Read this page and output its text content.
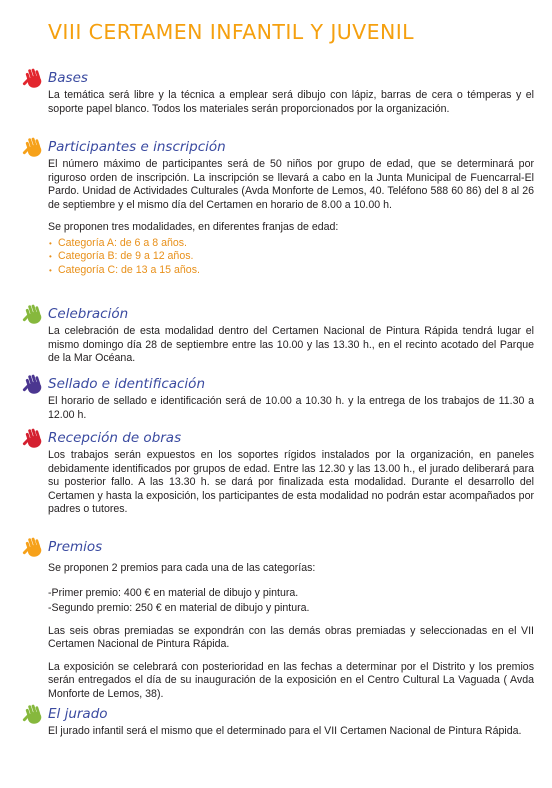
VIII CERTAMEN INFANTIL Y JUVENIL
Bases

La temática será libre y la técnica a emplear será dibujo con lápiz, barras de cera o témperas y el soporte papel blanco. Todos los materiales serán proporcionados por la organización.

Participantes e inscripción

El número máximo de participantes será de 50 niños por grupo de edad, que se determinará por riguroso orden de inscripción. La inscripción se llevará a cabo en la Junta Municipal de Fuencarral-El Pardo. Unidad de Actividades Culturales (Avda Monforte de Lemos, 40. Teléfono 588 60 86) del 8 al 26 de septiembre y el mismo día del Certamen en horario de 8.00 a 10.00 h.

Se proponen tres modalidades, en diferentes franjas de edad:

• Categoría A: de 6 a 8 años.
• Categoría B: de 9 a 12 años.
• Categoría C: de 13 a 15 años.
Celebración

La celebración de esta modalidad dentro del Certamen Nacional de Pintura Rápida tendrá lugar el mismo domingo día 28 de septiembre entre las 10.00 y las 13.30 h., en el recinto acotado del Parque de la Mar Océana.

Sellado e identificación

El horario de sellado e identificación será de 10.00 a 10.30 h. y la entrega de los trabajos de 11.30 a 12.00 h.

Recepción de obras

Los trabajos serán expuestos en los soportes rígidos instalados por la organización, en paneles debidamente identificados por grupos de edad. Entre las 12.30 y las 13.00 h., el jurado deliberará para su posterior fallo. A las 13.30 h. se dará por finalizada esta modalidad. Durante el desarrollo del Certamen y hasta la exposición, los participantes de esta modalidad no podrán estar acompañados por padres o tutores.

Premios

Se proponen 2 premios para cada una de las categorías:

-Primer premio: 400 € en material de dibujo y pintura.

-Segundo premio: 250 € en material de dibujo y pintura.

Las seis obras premiadas se expondrán con las demás obras premiadas y seleccionadas en el VII Certamen Nacional de Pintura Rápida.

La exposición se celebrará con posterioridad en las fechas a determinar por el Distrito y los premios serán entregados el día de su inauguración de la exposición en el Centro Cultural La Vaguada ( Avda Monforte de Lemos, 38).

El jurado

El jurado infantil será el mismo que el determinado para el VII Certamen Nacional de Pintura Rápida.
